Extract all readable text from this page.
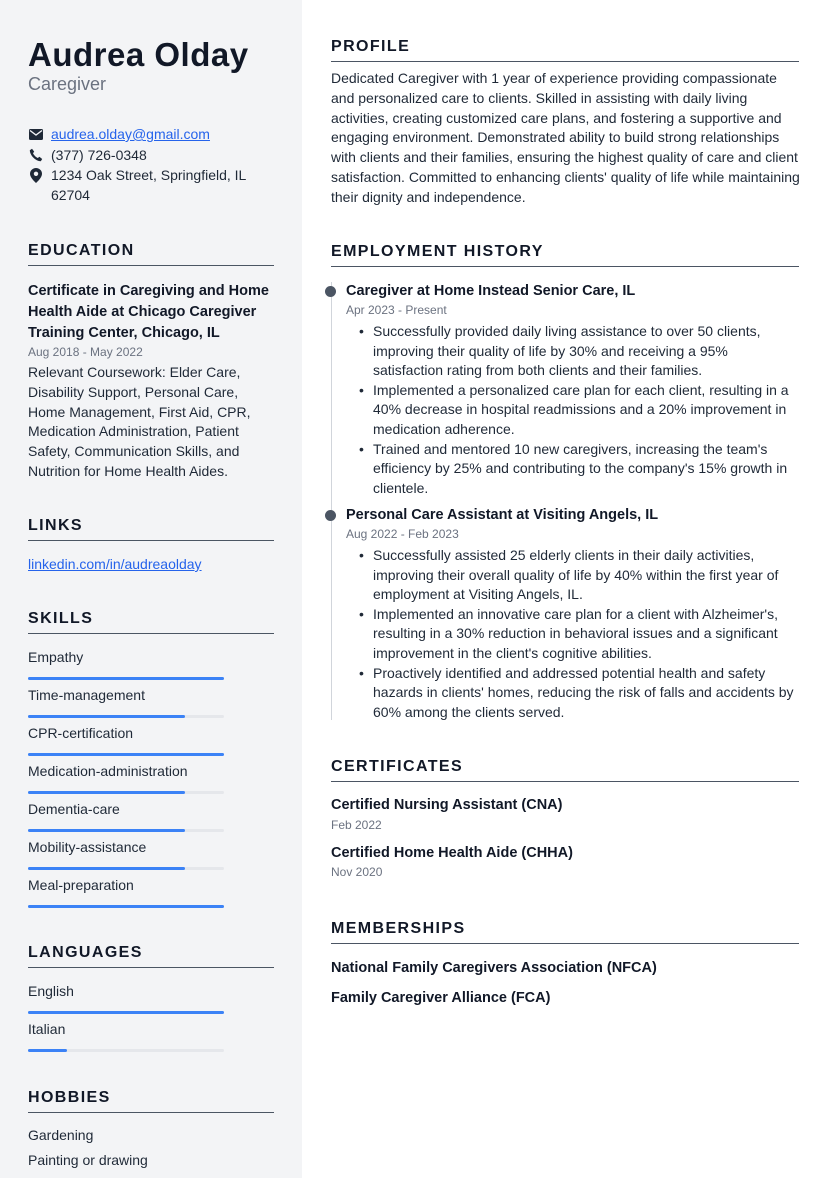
Audrea Olday
Caregiver
audrea.olday@gmail.com
(377) 726-0348
1234 Oak Street, Springfield, IL 62704
EDUCATION
Certificate in Caregiving and Home Health Aide at Chicago Caregiver Training Center, Chicago, IL
Aug 2018 - May 2022
Relevant Coursework: Elder Care, Disability Support, Personal Care, Home Management, First Aid, CPR, Medication Administration, Patient Safety, Communication Skills, and Nutrition for Home Health Aides.
LINKS
linkedin.com/in/audreaolday
SKILLS
Empathy
Time-management
CPR-certification
Medication-administration
Dementia-care
Mobility-assistance
Meal-preparation
LANGUAGES
English
Italian
HOBBIES
Gardening
Painting or drawing
PROFILE
Dedicated Caregiver with 1 year of experience providing compassionate and personalized care to clients. Skilled in assisting with daily living activities, creating customized care plans, and fostering a supportive and engaging environment. Demonstrated ability to build strong relationships with clients and their families, ensuring the highest quality of care and client satisfaction. Committed to enhancing clients' quality of life while maintaining their dignity and independence.
EMPLOYMENT HISTORY
Caregiver at Home Instead Senior Care, IL
Apr 2023 - Present
• Successfully provided daily living assistance to over 50 clients, improving their quality of life by 30% and receiving a 95% satisfaction rating from both clients and their families.
• Implemented a personalized care plan for each client, resulting in a 40% decrease in hospital readmissions and a 20% improvement in medication adherence.
• Trained and mentored 10 new caregivers, increasing the team's efficiency by 25% and contributing to the company's 15% growth in clientele.
Personal Care Assistant at Visiting Angels, IL
Aug 2022 - Feb 2023
• Successfully assisted 25 elderly clients in their daily activities, improving their overall quality of life by 40% within the first year of employment at Visiting Angels, IL.
• Implemented an innovative care plan for a client with Alzheimer's, resulting in a 30% reduction in behavioral issues and a significant improvement in the client's cognitive abilities.
• Proactively identified and addressed potential health and safety hazards in clients' homes, reducing the risk of falls and accidents by 60% among the clients served.
CERTIFICATES
Certified Nursing Assistant (CNA)
Feb 2022
Certified Home Health Aide (CHHA)
Nov 2020
MEMBERSHIPS
National Family Caregivers Association (NFCA)
Family Caregiver Alliance (FCA)
